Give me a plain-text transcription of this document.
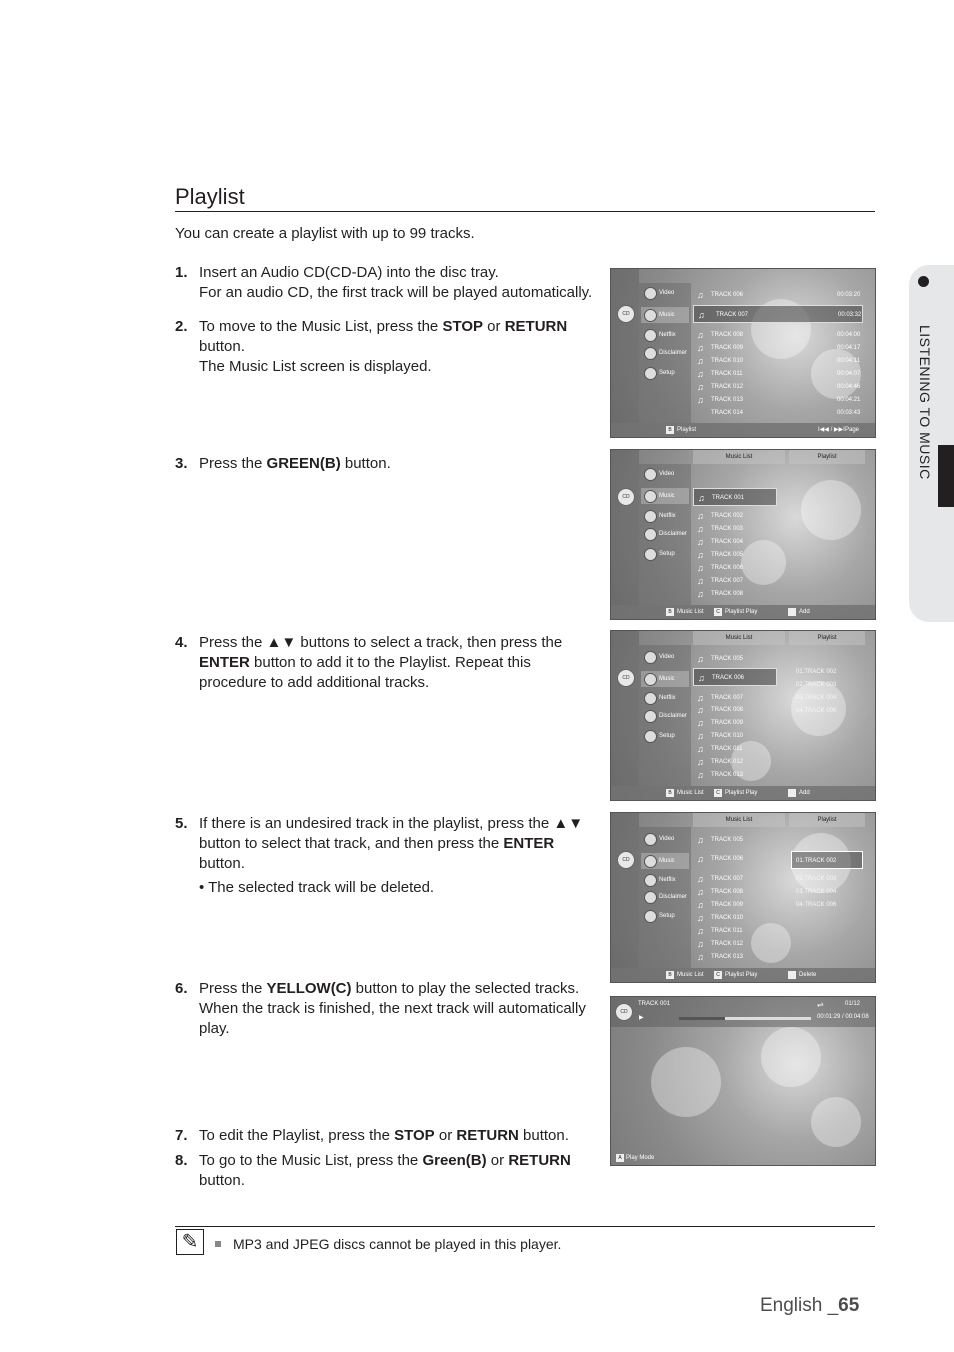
Playlist
You can create a playlist with up to 99 tracks.
LISTENING TO MUSIC
1. Insert an Audio CD(CD-DA) into the disc tray.
For an audio CD, the first track will be played automatically.
2. To move to the Music List, press the STOP or RETURN button.
The Music List screen is displayed.
3. Press the GREEN(B) button.
4. Press the ▲▼ buttons to select a track, then press the ENTER button to add it to the Playlist. Repeat this procedure to add additional tracks.
5. If there is an undesired track in the playlist, press the ▲▼ button to select that track, and then press the ENTER button.
• The selected track will be deleted.
6. Press the YELLOW(C) button to play the selected tracks. When the track is finished, the next track will automatically play.
7. To edit the Playlist, press the STOP or RETURN button.
8. To go to the Music List, press the Green(B) or RETURN button.
CD
Video
Music
Netflix
Disclaimer
Setup
♫ TRACK 006	00:03:20
♫ TRACK 007	00:03:32
♫ TRACK 008	00:04:00
♫ TRACK 009	00:04:17
♫ TRACK 010	00:04:11
♫ TRACK 011	00:04:07
♫ TRACK 012	00:04:46
♫ TRACK 013	00:04:21
TRACK 014	00:03:43
B Playlist	I◀◀ / ▶▶I Page
CD
Video
Music
Netflix
Disclaimer
Setup
Music List	Playlist
♫ TRACK 001
♫ TRACK 002
♫ TRACK 003
♫ TRACK 004
♫ TRACK 005
♫ TRACK 006
♫ TRACK 007
♫ TRACK 008
B Music List	C Playlist Play	Add
CD
Video
Music
Netflix
Disclaimer
Setup
Music List	Playlist
♫ TRACK 005
♫ TRACK 006
♫ TRACK 007
♫ TRACK 008
♫ TRACK 009
♫ TRACK 010
♫ TRACK 011
♫ TRACK 012
♫ TRACK 013
01.TRACK 002
02.TRACK 003
03.TRACK 004
04.TRACK 006
B Music List	C Playlist Play	Add
CD
Video
Music
Netflix
Disclaimer
Setup
Music List	Playlist
♫ TRACK 005
♫ TRACK 006
♫ TRACK 007
♫ TRACK 008
♫ TRACK 009
♫ TRACK 010
♫ TRACK 011
♫ TRACK 012
♫ TRACK 013
01.TRACK 002
02.TRACK 003
03.TRACK 004
04.TRACK 006
B Music List	C Playlist Play	Delete
CD
TRACK 001	⇌	01/12
▶	00:01:29 / 00:04:08
A Play Mode
✎	MP3 and JPEG discs cannot be played in this player.
English _65
